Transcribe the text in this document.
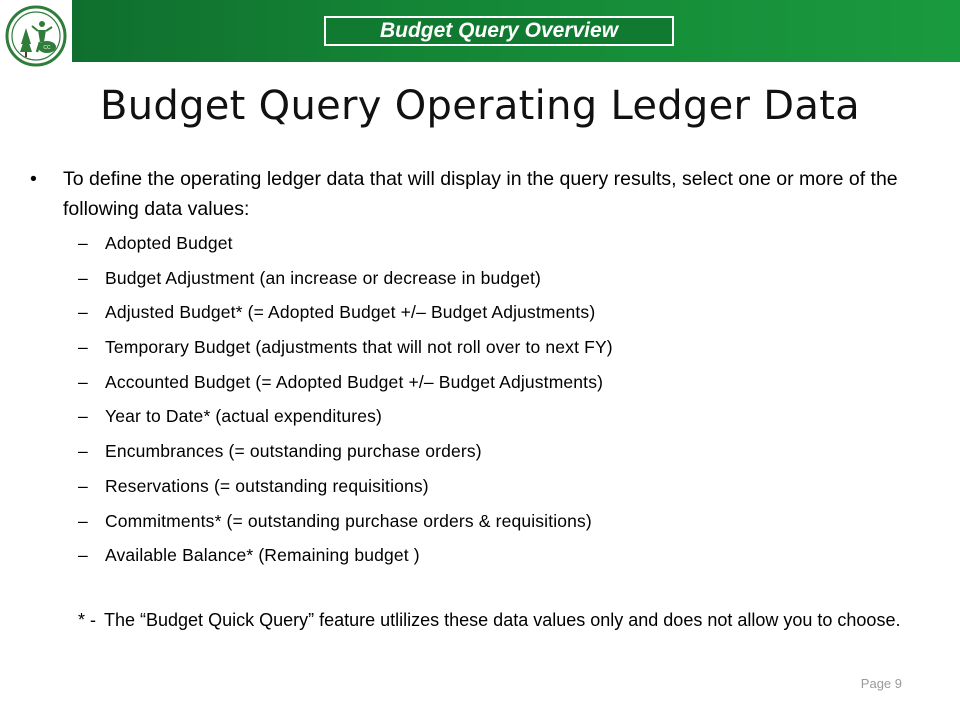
CC
Budget Query Overview
Budget Query Operating Ledger Data
• To define the operating ledger data that will display in the query results, select one or more of the following data values:
– Adopted Budget
– Budget Adjustment (an increase or decrease in budget)
– Adjusted Budget* (= Adopted Budget +/– Budget Adjustments)
– Temporary Budget (adjustments that will not roll over to next FY)
– Accounted Budget (= Adopted Budget +/– Budget Adjustments)
– Year to Date* (actual expenditures)
– Encumbrances (= outstanding purchase orders)
– Reservations (= outstanding requisitions)
– Commitments* (= outstanding purchase orders & requisitions)
– Available Balance* (Remaining budget )
* - The “Budget Quick Query” feature utlilizes these data values only and does not allow you to choose.
Page 9
